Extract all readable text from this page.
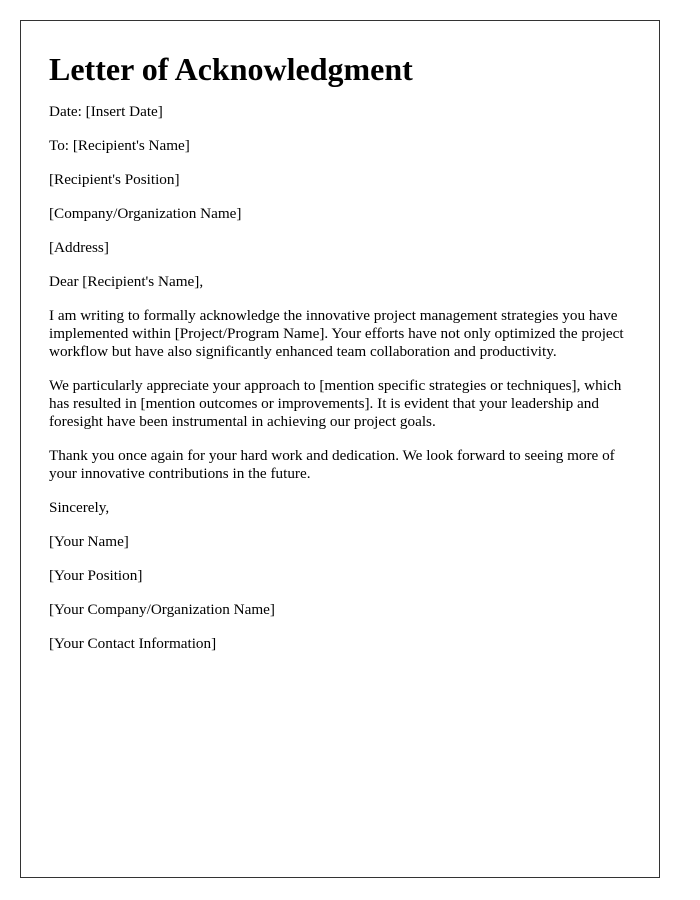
Letter of Acknowledgment

Date: [Insert Date]

To: [Recipient's Name]

[Recipient's Position]

[Company/Organization Name]

[Address]

Dear [Recipient's Name],

I am writing to formally acknowledge the innovative project management strategies you have implemented within [Project/Program Name]. Your efforts have not only optimized the project workflow but have also significantly enhanced team collaboration and productivity.

We particularly appreciate your approach to [mention specific strategies or techniques], which has resulted in [mention outcomes or improvements]. It is evident that your leadership and foresight have been instrumental in achieving our project goals.

Thank you once again for your hard work and dedication. We look forward to seeing more of your innovative contributions in the future.

Sincerely,

[Your Name]

[Your Position]

[Your Company/Organization Name]

[Your Contact Information]
